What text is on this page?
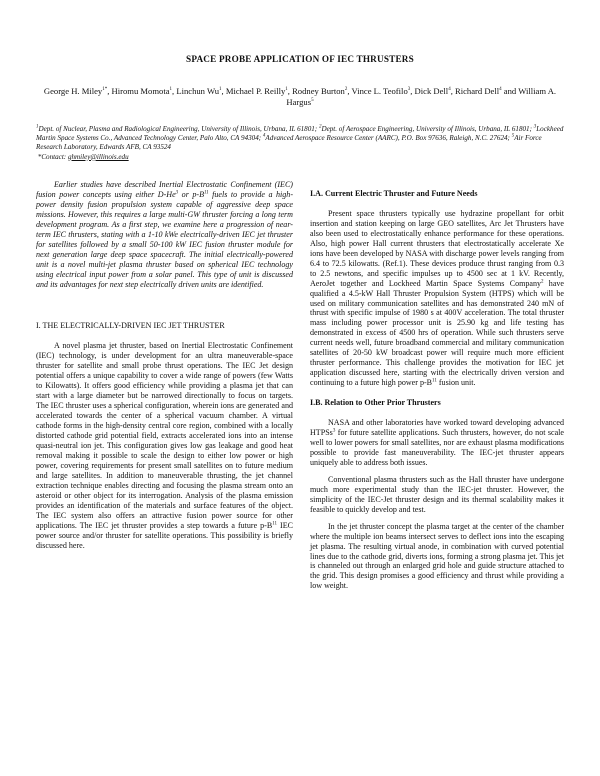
SPACE PROBE APPLICATION OF IEC THRUSTERS
George H. Miley$^{1*}$, Hiromu Momota$^1$, Linchun Wu$^1$, Michael P. Reilly$^1$, Rodney Burton$^2$, Vince L. Teofilo$^3$, Dick Dell$^4$, Richard Dell$^4$ and William A. Hargus$^5$
$^1$Dept. of Nuclear, Plasma and Radiological Engineering, University of Illinois, Urbana, IL 61801; $^2$Dept. of Aerospace Engineering, University of Illinois, Urbana, IL 61801; $^3$Lockheed Martin Space Systems Co., Advanced Technology Center, Palo Alto, CA 94304; $^4$Advanced Aerospace Resource Center (AARC), P.O. Box 97636, Raleigh, N.C. 27624; $^5$Air Force Research Laboratory, Edwards AFB, CA 93524
*Contact: ghmiley@illinois.edu

Earlier studies have described Inertial Electrostatic Confinement (IEC) fusion power concepts using either D-He$^3$ or $p-B^{11}$ fuels to provide a high-power density fusion propulsion system capable of aggressive deep space missions. However, this requires a large multi-GW thruster forcing a long term development program. As a first step, we examine here a progression of near-term IEC thrusters, stating with a 1-10 kWe electrically-driven IEC jet thruster for satellites followed by a small 50-100 kW IEC fusion thruster module for next generation large deep space spacecraft. The initial electrically-powered unit is a novel multi-jet plasma thruster based on spherical IEC technology using electrical input power from a solar panel. This type of unit is discussed and its advantages for next step electrically driven units are identified.

I. THE ELECTRICALLY-DRIVEN IEC JET THRUSTER

A novel plasma jet thruster, based on Inertial Electrostatic Confinement (IEC) technology, is under development for an ultra maneuverable-space thruster for satellite and small probe thrust operations. The IEC Jet design potential offers a unique capability to cover a wide range of powers (few Watts to Kilowatts). It offers good efficiency while providing a plasma jet that can start with a large diameter but be narrowed directionally to focus on targets. The IEC thruster uses a spherical configuration, wherein ions are generated and accelerated towards the center of a spherical vacuum chamber. A virtual cathode forms in the high-density central core region, combined with a locally distorted cathode grid potential field, extracts accelerated ions into an intense quasi-neutral ion jet. This configuration gives low gas leakage and good heat removal making it possible to scale the design to either low power or high power, covering requirements for present small satellites on to future medium and large satellites. In addition to maneuverable thrusting, the jet channel extraction technique enables directing and focusing the plasma stream onto an asteroid or other object for its interrogation. Analysis of the plasma emission provides an identification of the materials and surface features of the object. The IEC system also offers an attractive fusion power source for other applications. The IEC jet thruster provides a step towards a future $p-B^{11}$ IEC power source and/or thruster for satellite operations. This possibility is briefly discussed here.

I.A. Current Electric Thruster and Future Needs

Present space thrusters typically use hydrazine propellant for orbit insertion and station keeping on large GEO satellites, Arc Jet Thrusters have also been used to electrostatically enhance performance for these operations. Also, high power Hall current thrusters that electrostatically accelerate Xe ions have been developed by NASA with discharge power levels ranging from 6.4 to 72.5 kilowatts. (Ref.1). These devices produce thrust ranging from 0.3 to 2.5 newtons, and specific impulses up to 4500 sec at 1 kV. Recently, AeroJet together and Lockheed Martin Space Systems Company$^2$ have qualified a 4.5-kW Hall Thruster Propulsion System (HTPS) which will be used on military communication satellites and has demonstrated 240 mN of thrust with specific impulse of 1980 s at 400V acceleration. The total thruster mass including power processor unit is 25.90 kg and life testing has demonstrated in excess of 4500 hrs of operation. While such thrusters serve current needs well, future broadband commercial and military communication satellites of 20-50 kW broadcast power will require much more efficient thruster performance. This challenge provides the motivation for IEC jet application discussed here, starting with the electrically driven version and continuing to a future high power $p-B^{11}$ fusion unit.

I.B. Relation to Other Prior Thrusters

NASA and other laboratories have worked toward developing advanced HTPSs$^3$ for future satellite applications. Such thrusters, however, do not scale well to lower powers for small satellites, nor are exhaust plasma modifications possible to provide fast maneuverability. The IEC-jet thruster appears uniquely able to address both issues.

Conventional plasma thrusters such as the Hall thruster have undergone much more experimental study than the IEC-jet thruster. However, the simplicity of the IEC-Jet thruster design and its thermal scalability makes it feasible to quickly develop and test.

In the jet thruster concept the plasma target at the center of the chamber where the multiple ion beams intersect serves to deflect ions into the escaping jet plasma. The resulting virtual anode, in combination with curved potential lines due to the cathode grid, diverts ions, forming a strong plasma jet. This jet is channeled out through an enlarged grid hole and guide structure attached to the grid. This design promises a good efficiency and thrust while providing a low weight.
